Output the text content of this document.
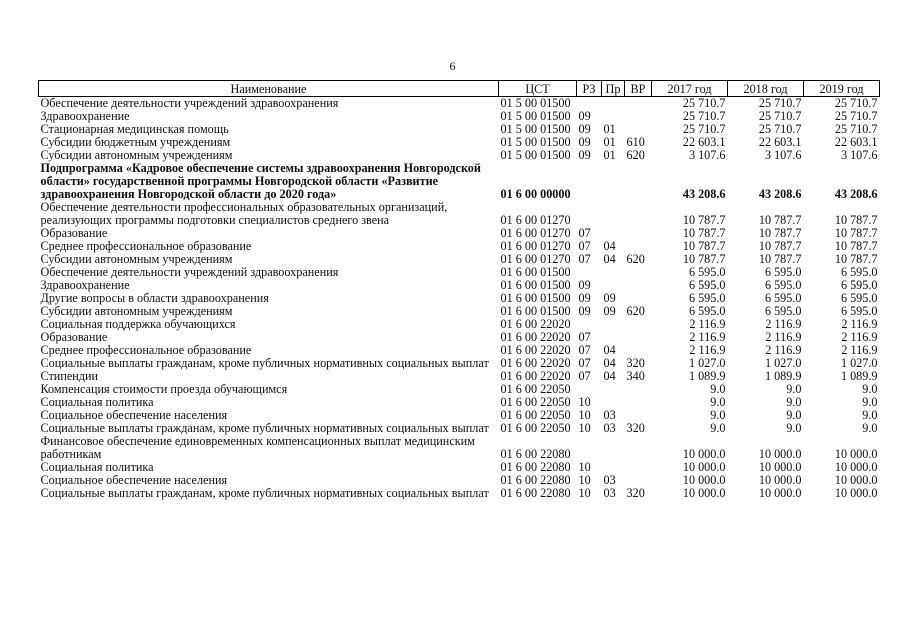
6
Наименование	ЦСТ	РЗ	Пр	ВР	2017 год	2018 год	2019 год
Обеспечение деятельности учреждений здравоохранения	01 5 00 01500				25 710.7	25 710.7	25 710.7
Здравоохранение	01 5 00 01500	09			25 710.7	25 710.7	25 710.7
Стационарная медицинская помощь	01 5 00 01500	09	01		25 710.7	25 710.7	25 710.7
Субсидии бюджетным учреждениям	01 5 00 01500	09	01	610	22 603.1	22 603.1	22 603.1
Субсидии автономным учреждениям	01 5 00 01500	09	01	620	3 107.6	3 107.6	3 107.6
Подпрограмма «Кадровое обеспечение системы здравоохранения Новгородской области» государственной программы Новгородской области «Развитие здравоохранения Новгородской области до 2020 года»	01 6 00 00000				43 208.6	43 208.6	43 208.6
Обеспечение деятельности профессиональных образовательных организаций, реализующих программы подготовки специалистов среднего звена	01 6 00 01270				10 787.7	10 787.7	10 787.7
Образование	01 6 00 01270	07			10 787.7	10 787.7	10 787.7
Среднее профессиональное образование	01 6 00 01270	07	04		10 787.7	10 787.7	10 787.7
Субсидии автономным учреждениям	01 6 00 01270	07	04	620	10 787.7	10 787.7	10 787.7
Обеспечение деятельности учреждений здравоохранения	01 6 00 01500				6 595.0	6 595.0	6 595.0
Здравоохранение	01 6 00 01500	09			6 595.0	6 595.0	6 595.0
Другие вопросы в области здравоохранения	01 6 00 01500	09	09		6 595.0	6 595.0	6 595.0
Субсидии автономным учреждениям	01 6 00 01500	09	09	620	6 595.0	6 595.0	6 595.0
Социальная поддержка обучающихся	01 6 00 22020				2 116.9	2 116.9	2 116.9
Образование	01 6 00 22020	07			2 116.9	2 116.9	2 116.9
Среднее профессиональное образование	01 6 00 22020	07	04		2 116.9	2 116.9	2 116.9
Социальные выплаты гражданам, кроме публичных нормативных социальных выплат	01 6 00 22020	07	04	320	1 027.0	1 027.0	1 027.0
Стипендии	01 6 00 22020	07	04	340	1 089.9	1 089.9	1 089.9
Компенсация стоимости проезда обучающимся	01 6 00 22050				9.0	9.0	9.0
Социальная политика	01 6 00 22050	10			9.0	9.0	9.0
Социальное обеспечение населения	01 6 00 22050	10	03		9.0	9.0	9.0
Социальные выплаты гражданам, кроме публичных нормативных социальных выплат	01 6 00 22050	10	03	320	9.0	9.0	9.0
Финансовое обеспечение единовременных компенсационных выплат медицинским работникам	01 6 00 22080				10 000.0	10 000.0	10 000.0
Социальная политика	01 6 00 22080	10			10 000.0	10 000.0	10 000.0
Социальное обеспечение населения	01 6 00 22080	10	03		10 000.0	10 000.0	10 000.0
Социальные выплаты гражданам, кроме публичных нормативных социальных выплат	01 6 00 22080	10	03	320	10 000.0	10 000.0	10 000.0
